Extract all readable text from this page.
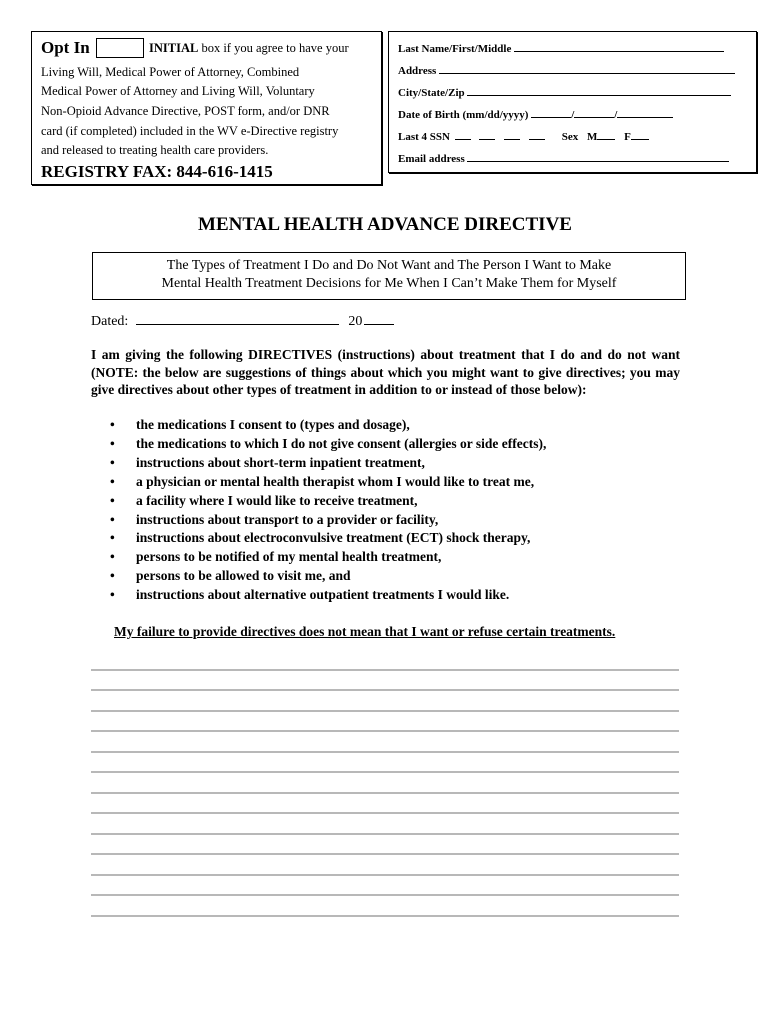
Opt In	INITIAL box if you agree to have your
Living Will, Medical Power of Attorney, Combined
Medical Power of Attorney and Living Will, Voluntary
Non-Opioid Advance Directive, POST form, and/or DNR
card (if completed) included in the WV e-Directive registry
and released to treating health care providers.
REGISTRY FAX: 844-616-1415
Last Name/First/Middle
Address
City/State/Zip
Date of Birth (mm/dd/yyyy)	/	/
Last 4 SSN	Sex M F
Email address
MENTAL HEALTH ADVANCE DIRECTIVE
The Types of Treatment I Do and Do Not Want and The Person I Want to Make
Mental Health Treatment Decisions for Me When I Can’t Make Them for Myself
Dated:	20
I am giving the following DIRECTIVES (instructions) about treatment that I do and do not want (NOTE: the below are suggestions of things about which you might want to give directives; you may give directives about other types of treatment in addition to or instead of those below):
• the medications I consent to (types and dosage),
• the medications to which I do not give consent (allergies or side effects),
• instructions about short-term inpatient treatment,
• a physician or mental health therapist whom I would like to treat me,
• a facility where I would like to receive treatment,
• instructions about transport to a provider or facility,
• instructions about electroconvulsive treatment (ECT) shock therapy,
• persons to be notified of my mental health treatment,
• persons to be allowed to visit me, and
• instructions about alternative outpatient treatments I would like.
My failure to provide directives does not mean that I want or refuse certain treatments.
